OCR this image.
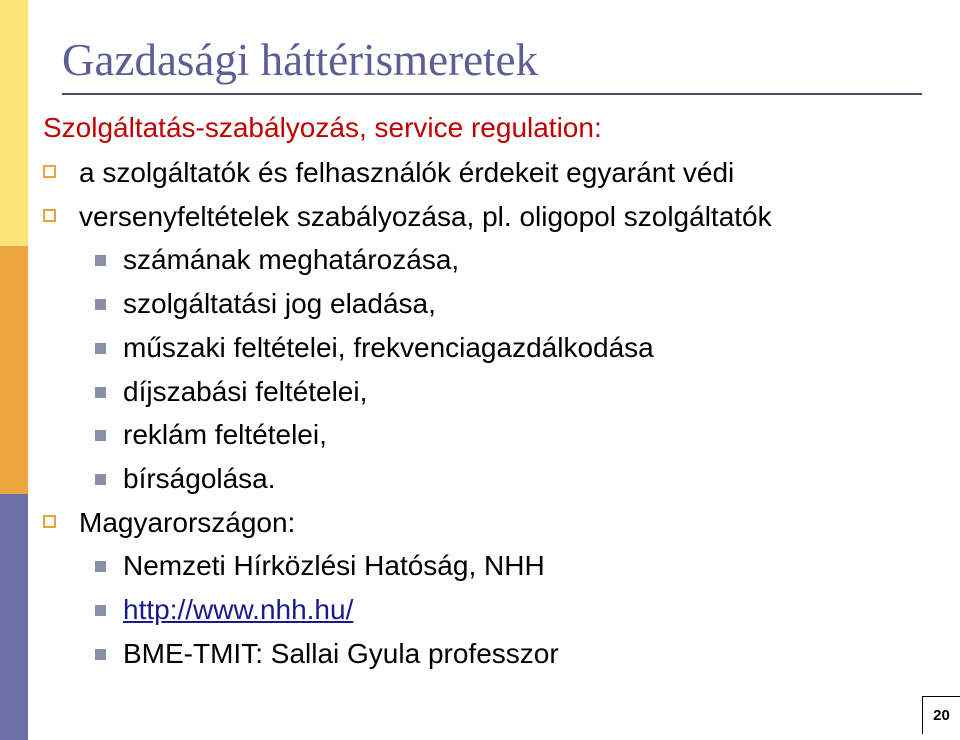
Gazdasági háttérismeretek

Szolgáltatás-szabályozás, service regulation:

a szolgáltatók és felhasználók érdekeit egyaránt védi
versenyfeltételek szabályozása, pl. oligopol szolgáltatók
számának meghatározása,
szolgáltatási jog eladása,
műszaki feltételei, frekvenciagazdálkodása
díjszabási feltételei,
reklám feltételei,
bírságolása.
Magyarországon:
Nemzeti Hírközlési Hatóság, NHH
http://www.nhh.hu/
BME-TMIT: Sallai Gyula professzor
20
